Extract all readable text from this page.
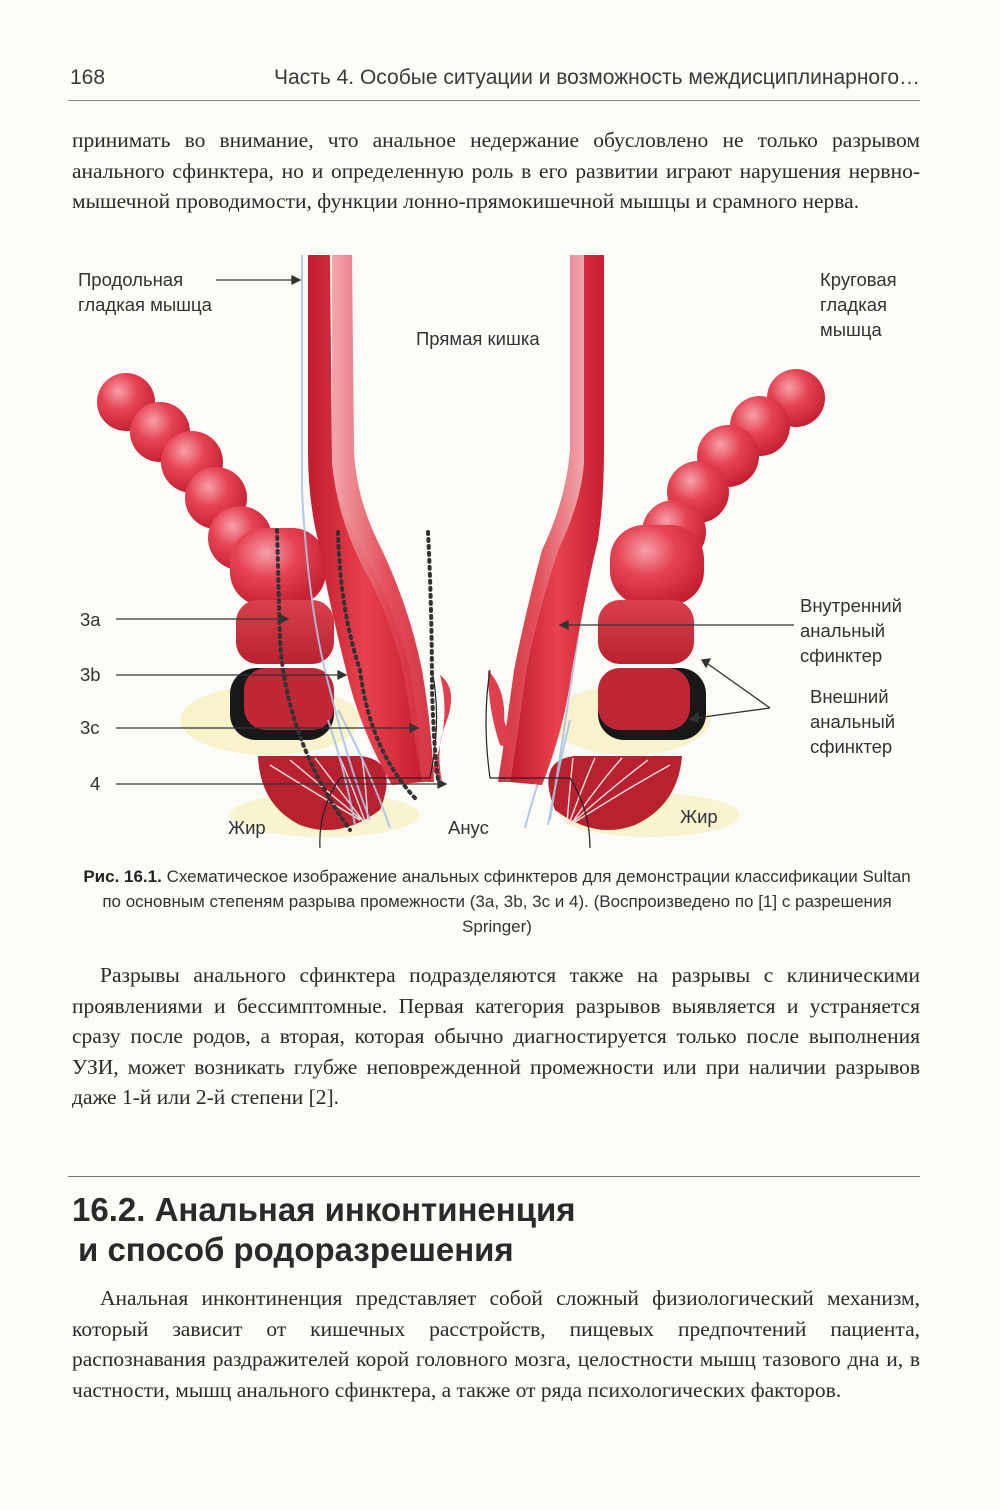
168	Часть 4. Особые ситуации и возможность междисциплинарного…

принимать во внимание, что анальное недержание обусловлено не только разрывом анального сфинктера, но и определенную роль в его развитии играют нарушения нервно-мышечной проводимости, функции лонно-прямокишечной мышцы и срамного нерва.

Продольная
гладкая мышца
Круговая
гладкая
мышца
Прямая кишка
Внутренний
анальный
сфинктер
Внешний
анальный
сфинктер
3a
3b
3c
4
Жир
Жир
Анус
Рис. 16.1. Схематическое изображение анальных сфинктеров для демонстрации классификации Sultan по основным степеням разрыва промежности (3a, 3b, 3c и 4). (Воспроизведено по [1] с разрешения Springer)

Разрывы анального сфинктера подразделяются также на разрывы с клиническими проявлениями и бессимптомные. Первая категория разрывов выявляется и устраняется сразу после родов, а вторая, которая обычно диагностируется только после выполнения УЗИ, может возникать глубже неповрежденной промежности или при наличии разрывов даже 1-й или 2-й степени [2].

16.2. Анальная инконтиненция
и способ родоразрешения

Анальная инконтиненция представляет собой сложный физиологический механизм, который зависит от кишечных расстройств, пищевых предпочтений пациента, распознавания раздражителей корой головного мозга, целостности мышц тазового дна и, в частности, мышц анального сфинктера, а также от ряда психологических факторов.
